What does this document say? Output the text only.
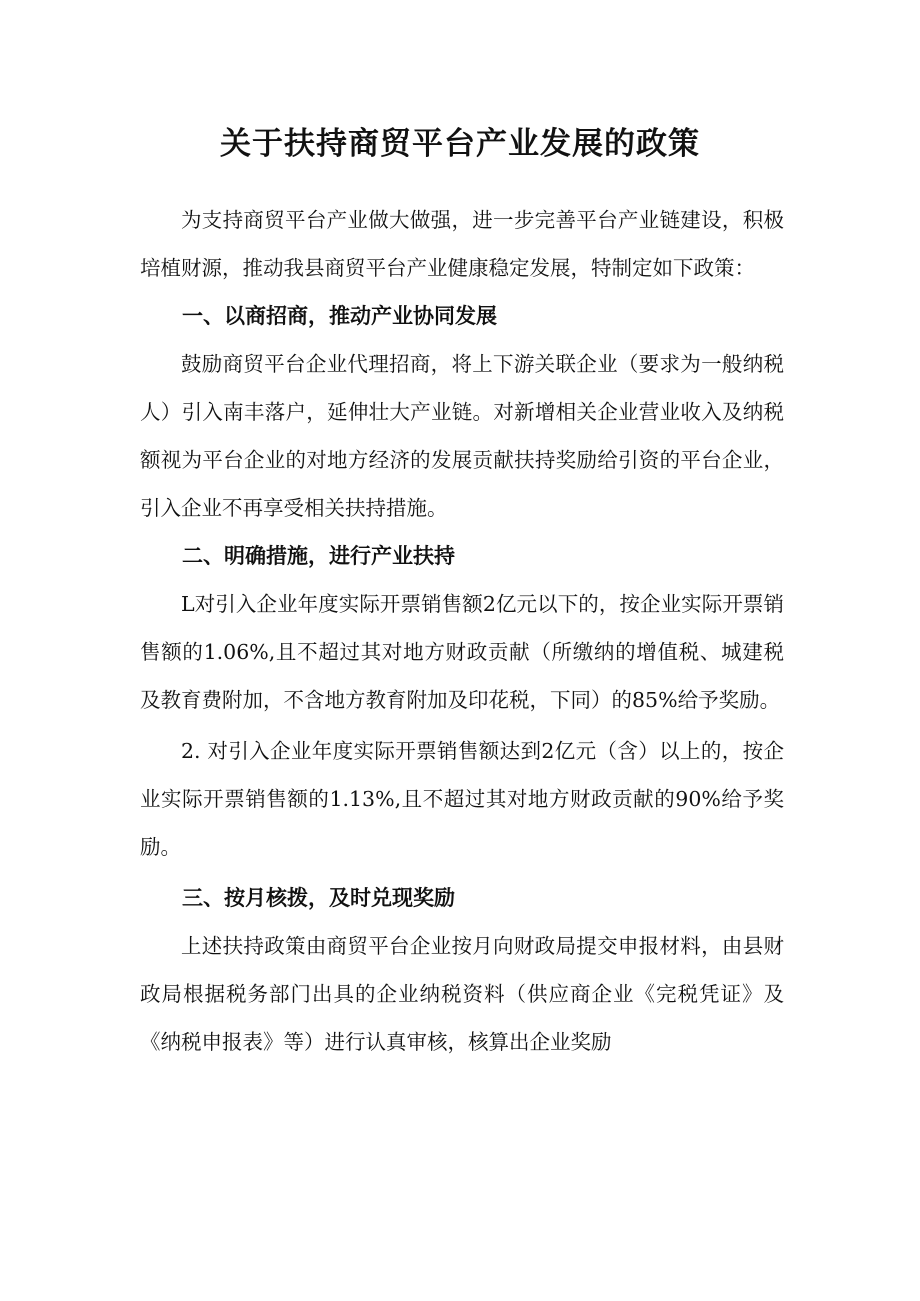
关于扶持商贸平台产业发展的政策

为支持商贸平台产业做大做强，进一步完善平台产业链建设，积极培植财源，推动我县商贸平台产业健康稳定发展，特制定如下政策：

一、以商招商，推动产业协同发展

鼓励商贸平台企业代理招商，将上下游关联企业（要求为一般纳税人）引入南丰落户，延伸壮大产业链。对新增相关企业营业收入及纳税额视为平台企业的对地方经济的发展贡献扶持奖励给引资的平台企业，引入企业不再享受相关扶持措施。

二、明确措施，进行产业扶持

L对引入企业年度实际开票销售额2亿元以下的，按企业实际开票销售额的1.06%,且不超过其对地方财政贡献（所缴纳的增值税、城建税及教育费附加，不含地方教育附加及印花税，下同）的85%给予奖励。

2. 对引入企业年度实际开票销售额达到2亿元（含）以上的，按企业实际开票销售额的1.13%,且不超过其对地方财政贡献的90%给予奖励。

三、按月核拨，及时兑现奖励

上述扶持政策由商贸平台企业按月向财政局提交申报材料，由县财政局根据税务部门出具的企业纳税资料（供应商企业《完税凭证》及《纳税申报表》等）进行认真审核，核算出企业奖励
